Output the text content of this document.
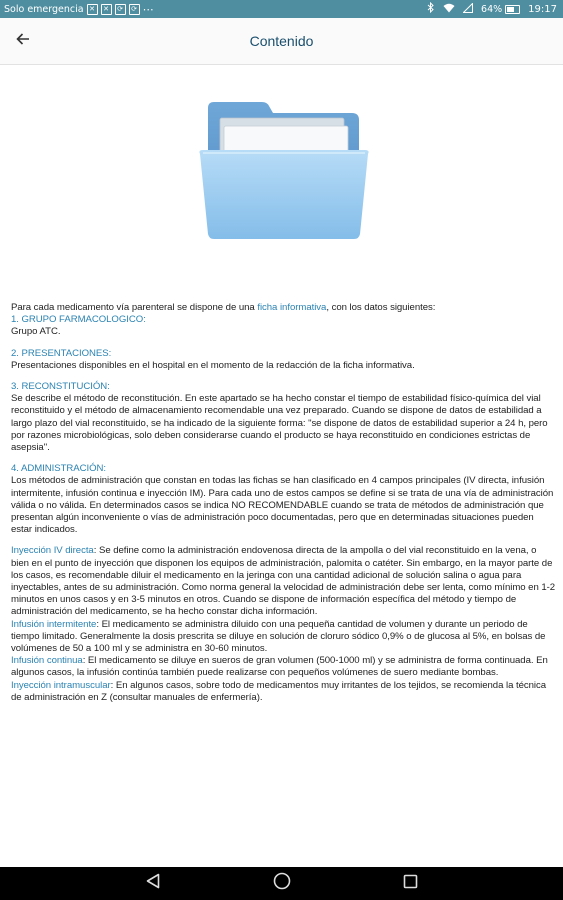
Solo emergencia ✕	✕	⟳	⟳ ⋯	64%	19:17
Contenido

Para cada medicamento vía parenteral se dispone de una ficha informativa, con los datos siguientes:

1. GRUPO FARMACOLOGICO:

Grupo ATC.

2. PRESENTACIONES:

Presentaciones disponibles en el hospital en el momento de la redacción de la ficha informativa.

3. RECONSTITUCIÓN:

Se describe el método de reconstitución. En este apartado se ha hecho constar el tiempo de estabilidad físico-química del vial reconstituido y el método de almacenamiento recomendable una vez preparado. Cuando se dispone de datos de estabilidad a largo plazo del vial reconstituido, se ha indicado de la siguiente forma: "se dispone de datos de estabilidad superior a 24 h, pero por razones microbiológicas, solo deben considerarse cuando el producto se haya reconstituido en condiciones estrictas de asepsia".

4. ADMINISTRACIÓN:

Los métodos de administración que constan en todas las fichas se han clasificado en 4 campos principales (IV directa, infusión intermitente, infusión continua e inyección IM). Para cada uno de estos campos se define si se trata de una vía de administración válida o no válida. En determinados casos se indica NO RECOMENDABLE cuando se trata de métodos de administración que presentan algún inconveniente o vías de administración poco documentadas, pero que en determinadas situaciones pueden estar indicados.

Inyección IV directa: Se define como la administración endovenosa directa de la ampolla o del vial reconstituido en la vena, o bien en el punto de inyección que disponen los equipos de administración, palomita o catéter. Sin embargo, en la mayor parte de los casos, es recomendable diluir el medicamento en la jeringa con una cantidad adicional de solución salina o agua para inyectables, antes de su administración. Como norma general la velocidad de administración debe ser lenta, como mínimo en 1-2 minutos en unos casos y en 3-5 minutos en otros. Cuando se dispone de información específica del método y tiempo de administración del medicamento, se ha hecho constar dicha información.

Infusión intermitente: El medicamento se administra diluido con una pequeña cantidad de volumen y durante un periodo de tiempo limitado. Generalmente la dosis prescrita se diluye en solución de cloruro sódico 0,9% o de glucosa al 5%, en bolsas de volúmenes de 50 a 100 ml y se administra en 30-60 minutos.

Infusión continua: El medicamento se diluye en sueros de gran volumen (500-1000 ml) y se administra de forma continuada. En algunos casos, la infusión continúa también puede realizarse con pequeños volúmenes de suero mediante bombas.

Inyección intramuscular: En algunos casos, sobre todo de medicamentos muy irritantes de los tejidos, se recomienda la técnica de administración en Z (consultar manuales de enfermería).
